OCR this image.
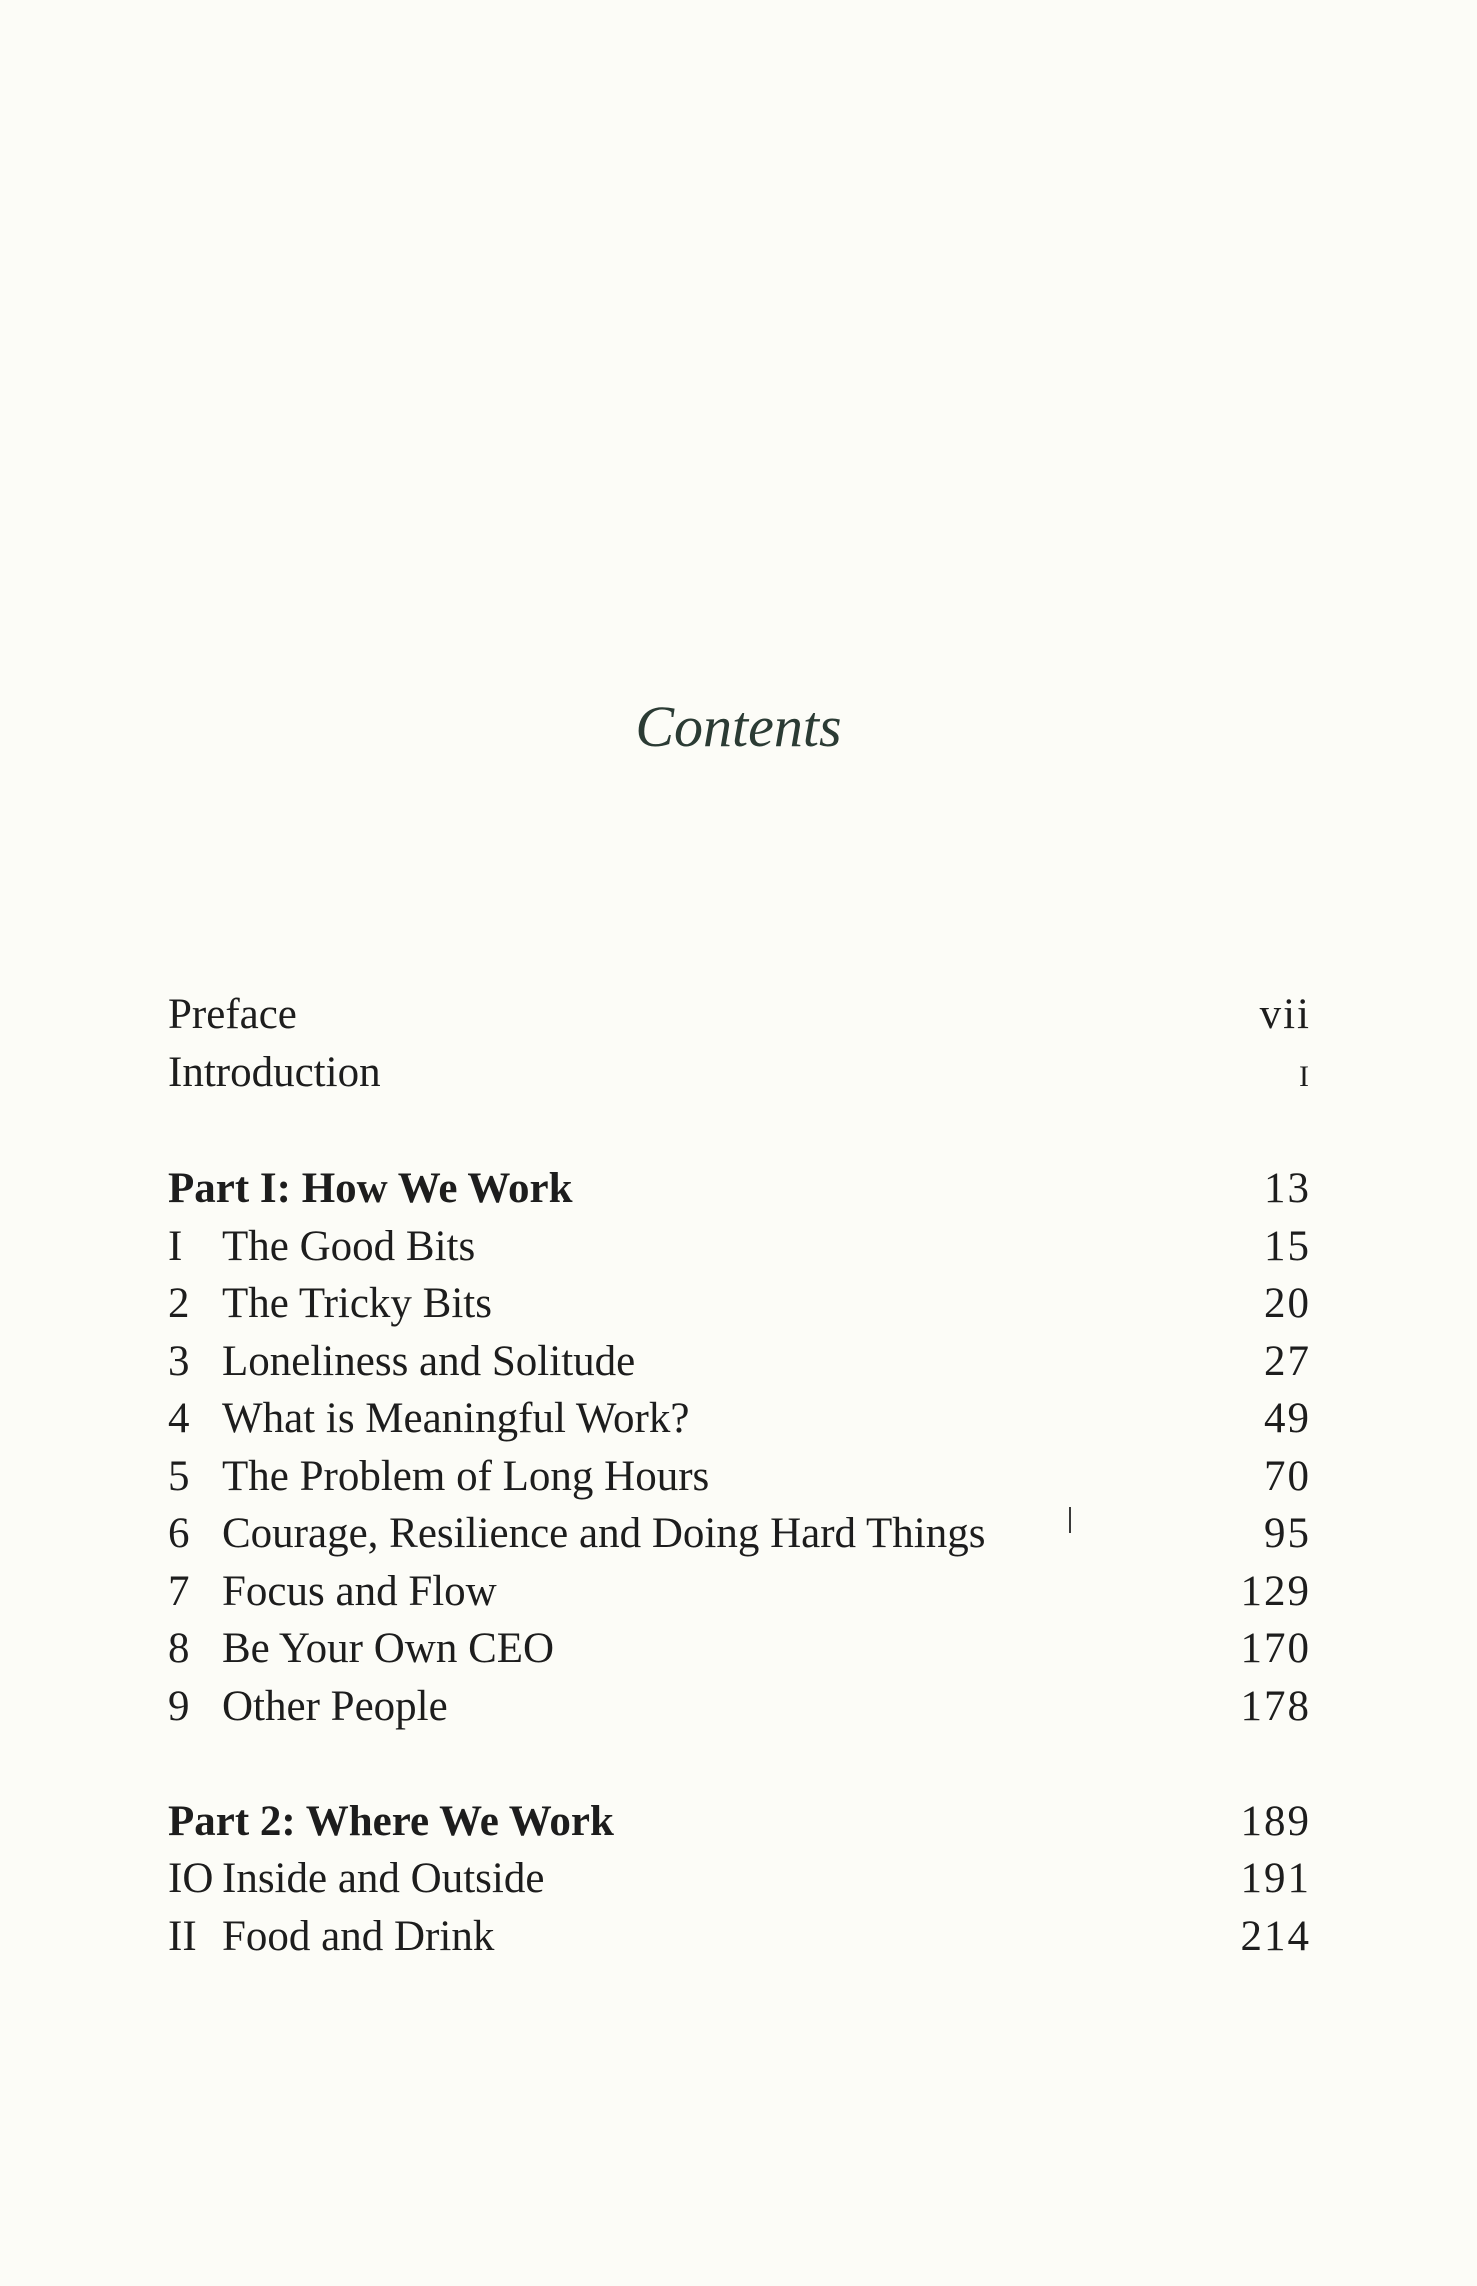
Contents
Preface	vii
Introduction	I
Part I: How We Work	13
I The Good Bits	15
2 The Tricky Bits	20
3 Loneliness and Solitude	27
4 What is Meaningful Work?	49
5 The Problem of Long Hours	70
6 Courage, Resilience and Doing Hard Things	95
7 Focus and Flow	129
8 Be Your Own CEO	170
9 Other People	178
Part 2: Where We Work	189
IO Inside and Outside	191
II Food and Drink	214
